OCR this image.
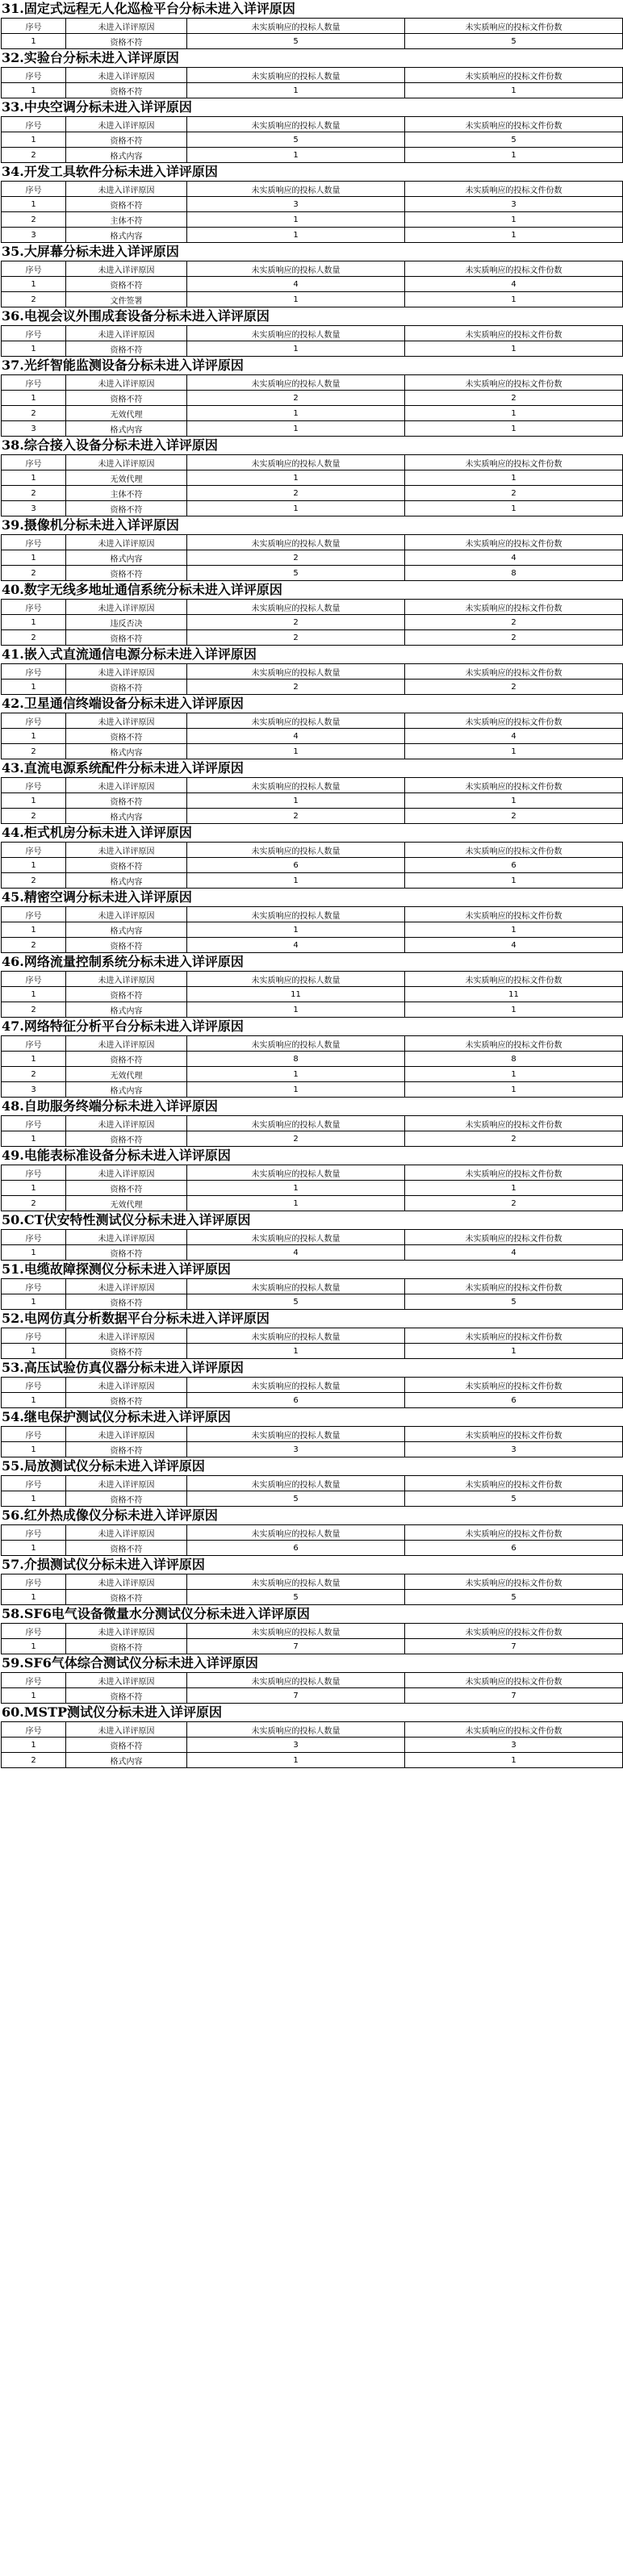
31.固定式远程无人化巡检平台分标未进入详评原因
序号	未进入详评原因	未实质响应的投标人数量	未实质响应的投标文件份数
1	资格不符	5	5
32.实验台分标未进入详评原因
序号	未进入详评原因	未实质响应的投标人数量	未实质响应的投标文件份数
1	资格不符	1	1
33.中央空调分标未进入详评原因
序号	未进入详评原因	未实质响应的投标人数量	未实质响应的投标文件份数
1	资格不符	5	5
2	格式内容	1	1
34.开发工具软件分标未进入详评原因
序号	未进入详评原因	未实质响应的投标人数量	未实质响应的投标文件份数
1	资格不符	3	3
2	主体不符	1	1
3	格式内容	1	1
35.大屏幕分标未进入详评原因
序号	未进入详评原因	未实质响应的投标人数量	未实质响应的投标文件份数
1	资格不符	4	4
2	文件签署	1	1
36.电视会议外围成套设备分标未进入详评原因
序号	未进入详评原因	未实质响应的投标人数量	未实质响应的投标文件份数
1	资格不符	1	1
37.光纤智能监测设备分标未进入详评原因
序号	未进入详评原因	未实质响应的投标人数量	未实质响应的投标文件份数
1	资格不符	2	2
2	无效代理	1	1
3	格式内容	1	1
38.综合接入设备分标未进入详评原因
序号	未进入详评原因	未实质响应的投标人数量	未实质响应的投标文件份数
1	无效代理	1	1
2	主体不符	2	2
3	资格不符	1	1
39.摄像机分标未进入详评原因
序号	未进入详评原因	未实质响应的投标人数量	未实质响应的投标文件份数
1	格式内容	2	4
2	资格不符	5	8
40.数字无线多地址通信系统分标未进入详评原因
序号	未进入详评原因	未实质响应的投标人数量	未实质响应的投标文件份数
1	违反否决	2	2
2	资格不符	2	2
41.嵌入式直流通信电源分标未进入详评原因
序号	未进入详评原因	未实质响应的投标人数量	未实质响应的投标文件份数
1	资格不符	2	2
42.卫星通信终端设备分标未进入详评原因
序号	未进入详评原因	未实质响应的投标人数量	未实质响应的投标文件份数
1	资格不符	4	4
2	格式内容	1	1
43.直流电源系统配件分标未进入详评原因
序号	未进入详评原因	未实质响应的投标人数量	未实质响应的投标文件份数
1	资格不符	1	1
2	格式内容	2	2
44.柜式机房分标未进入详评原因
序号	未进入详评原因	未实质响应的投标人数量	未实质响应的投标文件份数
1	资格不符	6	6
2	格式内容	1	1
45.精密空调分标未进入详评原因
序号	未进入详评原因	未实质响应的投标人数量	未实质响应的投标文件份数
1	格式内容	1	1
2	资格不符	4	4
46.网络流量控制系统分标未进入详评原因
序号	未进入详评原因	未实质响应的投标人数量	未实质响应的投标文件份数
1	资格不符	11	11
2	格式内容	1	1
47.网络特征分析平台分标未进入详评原因
序号	未进入详评原因	未实质响应的投标人数量	未实质响应的投标文件份数
1	资格不符	8	8
2	无效代理	1	1
3	格式内容	1	1
48.自助服务终端分标未进入详评原因
序号	未进入详评原因	未实质响应的投标人数量	未实质响应的投标文件份数
1	资格不符	2	2
49.电能表标准设备分标未进入详评原因
序号	未进入详评原因	未实质响应的投标人数量	未实质响应的投标文件份数
1	资格不符	1	1
2	无效代理	1	2
50.CT伏安特性测试仪分标未进入详评原因
序号	未进入详评原因	未实质响应的投标人数量	未实质响应的投标文件份数
1	资格不符	4	4
51.电缆故障探测仪分标未进入详评原因
序号	未进入详评原因	未实质响应的投标人数量	未实质响应的投标文件份数
1	资格不符	5	5
52.电网仿真分析数据平台分标未进入详评原因
序号	未进入详评原因	未实质响应的投标人数量	未实质响应的投标文件份数
1	资格不符	1	1
53.高压试验仿真仪器分标未进入详评原因
序号	未进入详评原因	未实质响应的投标人数量	未实质响应的投标文件份数
1	资格不符	6	6
54.继电保护测试仪分标未进入详评原因
序号	未进入详评原因	未实质响应的投标人数量	未实质响应的投标文件份数
1	资格不符	3	3
55.局放测试仪分标未进入详评原因
序号	未进入详评原因	未实质响应的投标人数量	未实质响应的投标文件份数
1	资格不符	5	5
56.红外热成像仪分标未进入详评原因
序号	未进入详评原因	未实质响应的投标人数量	未实质响应的投标文件份数
1	资格不符	6	6
57.介损测试仪分标未进入详评原因
序号	未进入详评原因	未实质响应的投标人数量	未实质响应的投标文件份数
1	资格不符	5	5
58.SF6电气设备微量水分测试仪分标未进入详评原因
序号	未进入详评原因	未实质响应的投标人数量	未实质响应的投标文件份数
1	资格不符	7	7
59.SF6气体综合测试仪分标未进入详评原因
序号	未进入详评原因	未实质响应的投标人数量	未实质响应的投标文件份数
1	资格不符	7	7
60.MSTP测试仪分标未进入详评原因
序号	未进入详评原因	未实质响应的投标人数量	未实质响应的投标文件份数
1	资格不符	3	3
2	格式内容	1	1
